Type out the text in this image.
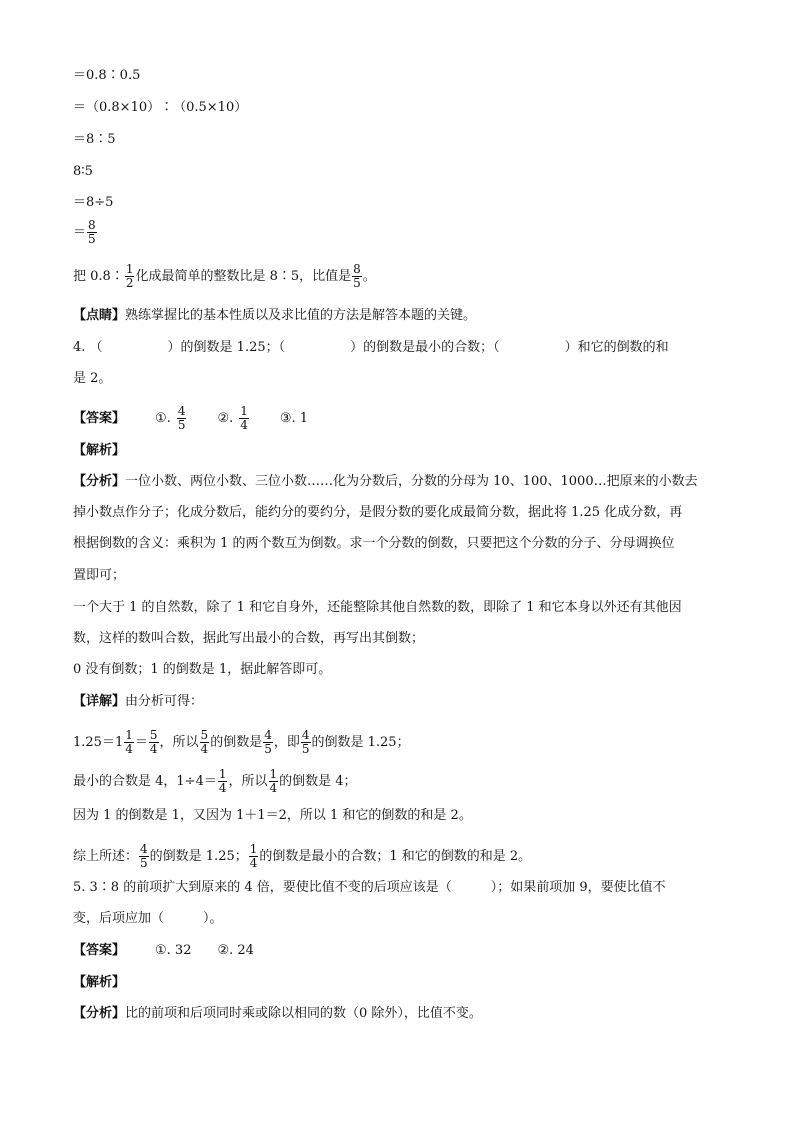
＝0.8∶0.5
＝（0.8×10）∶（0.5×10）
＝8∶5
8∶5
＝8÷5
＝ $\frac{8}{5}$
把 0.8∶ $\frac{1}{2}$ 化成最简单的整数比是 8∶5，比值是 $\frac{8}{5}$ 。
【点睛】熟练掌握比的基本性质以及求比值的方法是解答本题的关键。
4. （　　　　　）的倒数是 1.25；（　　　　　）的倒数是最小的合数；（　　　　　）和它的倒数的和
是 2。
【答案】 ①. $\frac{4}{5}$ ②. $\frac{1}{4}$ ③. 1
【解析】
【分析】一位小数、两位小数、三位小数……化为分数后，分数的分母为 10、100、1000…把原来的小数去
掉小数点作分子；化成分数后，能约分的要约分，是假分数的要化成最简分数，据此将 1.25 化成分数，再
根据倒数的含义：乘积为 1 的两个数互为倒数。求一个分数的倒数，只要把这个分数的分子、分母调换位
置即可；
一个大于 1 的自然数，除了 1 和它自身外，还能整除其他自然数的数，即除了 1 和它本身以外还有其他因
数，这样的数叫合数，据此写出最小的合数，再写出其倒数；
0 没有倒数；1 的倒数是 1，据此解答即可。
【详解】由分析可得：
1.25＝ 1 1
$4 = \frac{5}{4}$ ，所以 $\frac{5}{4}$ 的倒数是 $\frac{4}{5}$ ，即 $\frac{4}{5}$ 的倒数是 1.25；
最小的合数是 4，$1\div 4= \frac{1}{4}$ ，所以 $\frac{1}{4}$ 的倒数是 4；
因为 1 的倒数是 1，又因为 1＋1＝2，所以 1 和它的倒数的和是 2。
综上所述： $\frac{4}{5}$ 的倒数是 1.25； $\frac{1}{4}$ 的倒数是最小的合数；1 和它的倒数的和是 2。
5. 3∶8 的前项扩大到原来的 4 倍，要使比值不变的后项应该是（　　　）；如果前项加 9，要使比值不
变，后项应加（　　　）。
【答案】 ①. 32 ②. 24
【解析】
【分析】比的前项和后项同时乘或除以相同的数（0 除外），比值不变。
